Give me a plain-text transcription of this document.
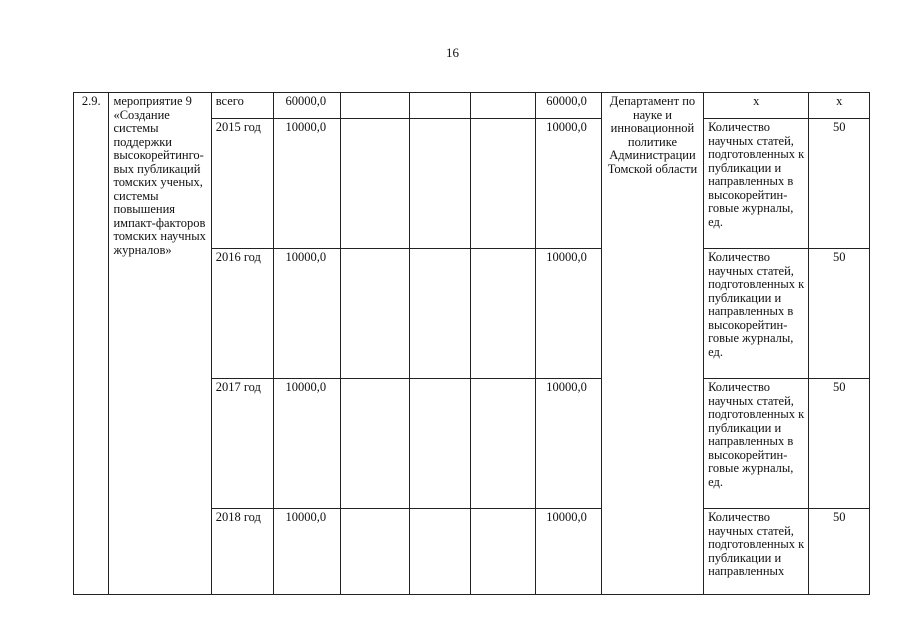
16
2.9.	мероприятие 9 «Создание системы поддержки высокорейтинго-вых публикаций томских ученых, системы повышения импакт-факторов томских научных журналов»	всего	60000,0				60000,0	Департамент по науке и инновационной политике Администрации Томской области	х	х
		2015 год	10000,0				10000,0		Количество научных статей, подготовленных к публикации и направленных в высокорейтин-говые журналы, ед.	50
		2016 год	10000,0				10000,0		Количество научных статей, подготовленных к публикации и направленных в высокорейтин-говые журналы, ед.	50
		2017 год	10000,0				10000,0		Количество научных статей, подготовленных к публикации и направленных в высокорейтин-говые журналы, ед.	50
		2018 год	10000,0				10000,0		Количество научных статей, подготовленных к публикации и направленных	50
